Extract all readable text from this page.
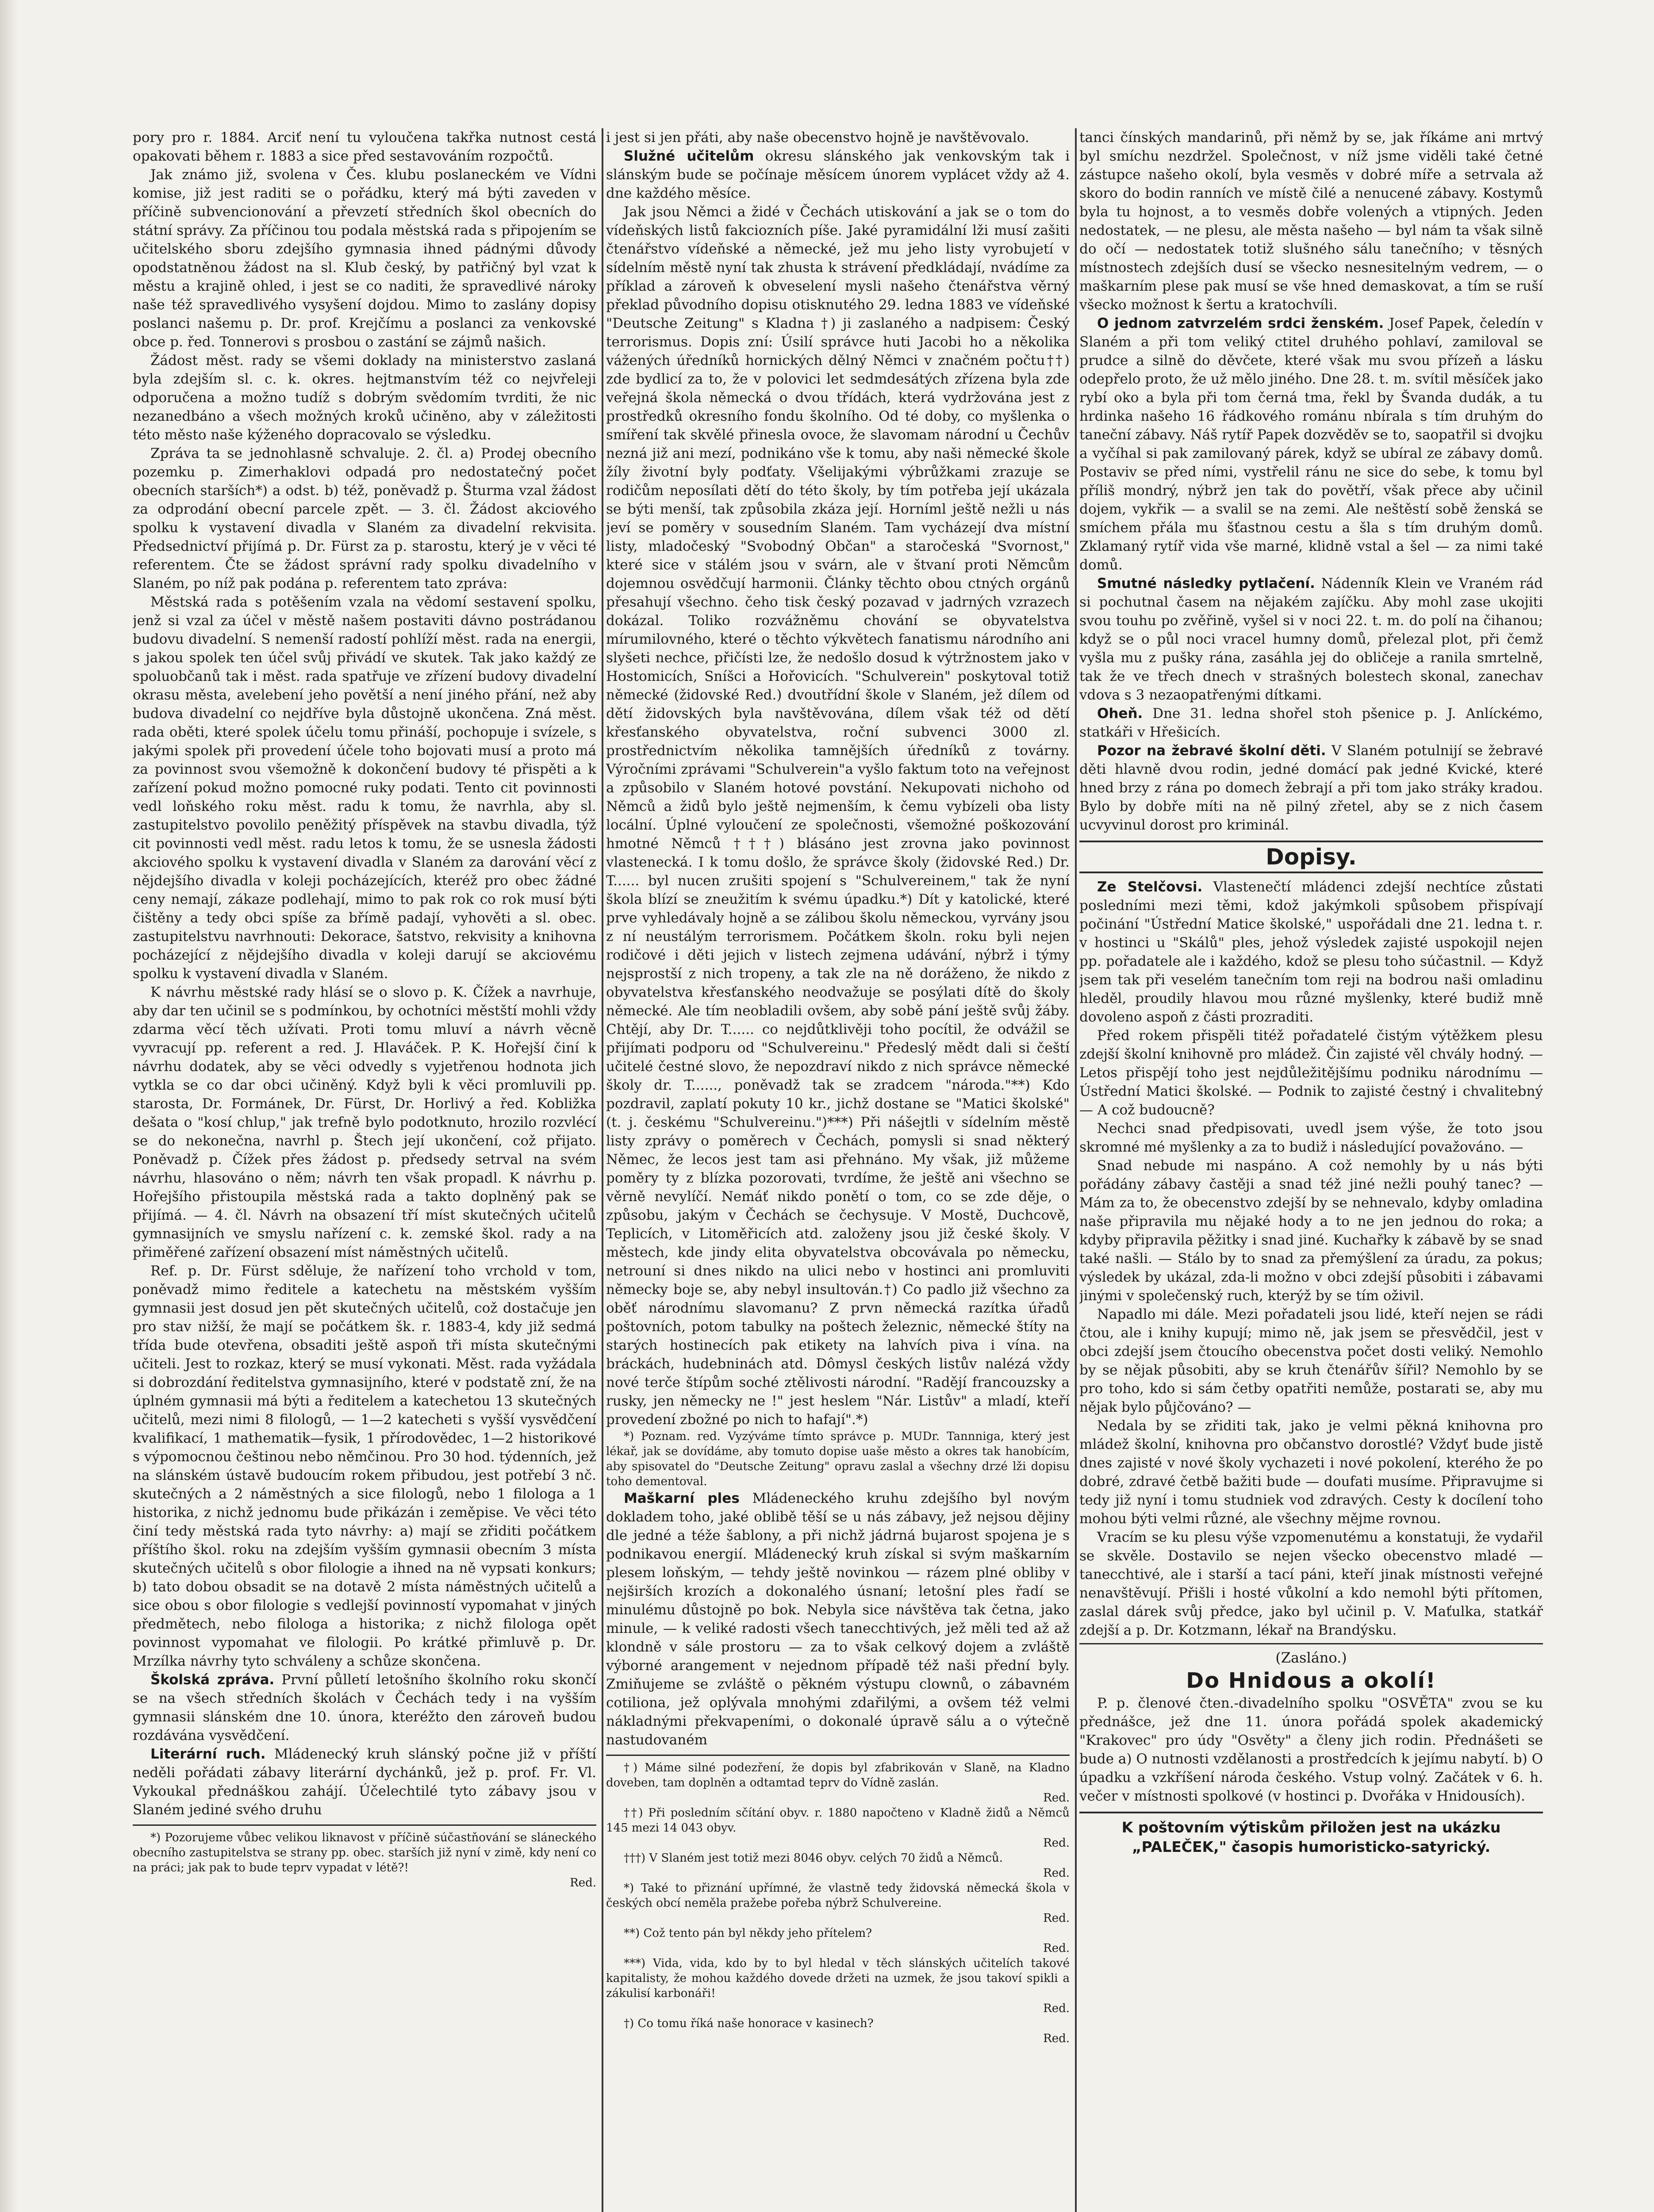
pory pro r. 1884. Arciť není tu vyloučena takřka nutnost cestá opakovati během r. 1883 a sice před sestavováním rozpočtů.

Jak známo již, svolena v Čes. klubu poslaneckém ve Vídni komise, již jest raditi se o pořádku, který má býti zaveden v příčině subvencionování a převzetí středních škol obecních do státní správy. Za příčinou tou podala městská rada s připojením se učitelského sboru zdejšího gymnasia ihned pádnými důvody opodstatněnou žádost na sl. Klub český, by patřičný byl vzat k městu a krajině ohled, i jest se co naditi, že spravedlivé nároky naše též spravedlivého vysyšení dojdou. Mimo to zaslány dopisy poslanci našemu p. Dr. prof. Krejčímu a poslanci za venkovské obce p. řed. Tonnerovi s prosbou o zastání se zájmů našich.

Žádost měst. rady se všemi doklady na ministerstvo zaslaná byla zdejším sl. c. k. okres. hejtmanstvím též co nejvřeleji odporučena a možno tudíž s dobrým svědomím tvrditi, že nic nezanedbáno a všech možných kroků učiněno, aby v záležitosti této město naše kýženého dopracovalo se výsledku.

Zpráva ta se jednohlasně schvaluje. 2. čl. a) Prodej obecního pozemku p. Zimerhaklovi odpadá pro nedostatečný počet obecních starších*) a odst. b) též, poněvadž p. Šturma vzal žádost za odprodání obecní parcele zpět. — 3. čl. Žádost akciového spolku k vystavení divadla v Slaném za divadelní rekvisita. Předsednictví přijímá p. Dr. Fürst za p. starostu, který je v věci té referentem. Čte se žádost správní rady spolku divadelního v Slaném, po níž pak podána p. referentem tato zpráva:

Městská rada s potěšením vzala na vědomí sestavení spolku, jenž si vzal za účel v městě našem postaviti dávno postrádanou budovu divadelní. S nemenší radostí pohlíží měst. rada na energii, s jakou spolek ten účel svůj přivádí ve skutek. Tak jako každý ze spoluobčanů tak i měst. rada spatřuje ve zřízení budovy divadelní okrasu města, avelebení jeho povětší a není jiného přání, než aby budova divadelní co nejdříve byla důstojně ukončena. Zná měst. rada oběti, které spolek účelu tomu přináší, pochopuje i svízele, s jakými spolek při provedení účele toho bojovati musí a proto má za povinnost svou všemožně k dokončení budovy té přispěti a k zařízení pokud možno pomocné ruky podati. Tento cit povinnosti vedl loňského roku měst. radu k tomu, že navrhla, aby sl. zastupitelstvo povolilo peněžitý příspěvek na stavbu divadla, týž cit povinnosti vedl měst. radu letos k tomu, že se usnesla žádosti akciového spolku k vystavení divadla v Slaném za darování věcí z nějdejšího divadla v koleji pocházejících, kteréž pro obec žádné ceny nemají, zákaze podlehají, mimo to pak rok co rok musí býti čištěny a tedy obci spíše za břímě padají, vyhověti a sl. obec. zastupitelstvu navrhnouti: Dekorace, šatstvo, rekvisity a knihovna pocházející z nějdejšího divadla v koleji darují se akciovému spolku k vystavení divadla v Slaném.

K návrhu městské rady hlásí se o slovo p. K. Čížek a navrhuje, aby dar ten učinil se s podmínkou, by ochotníci městští mohli vždy zdarma věcí těch užívati. Proti tomu mluví a návrh věcně vyvracují pp. referent a red. J. Hlaváček. P. K. Hořejší činí k návrhu dodatek, aby se věci odvedly s vyjetřenou hodnota jich vytkla se co dar obci učiněný. Když byli k věci promluvili pp. starosta, Dr. Formánek, Dr. Fürst, Dr. Horlivý a řed. Kobližka dešata o "kosí chlup," jak trefně bylo podotknuto, hrozilo rozvlécí se do nekonečna, navrhl p. Štech její ukončení, což přijato. Poněvadž p. Čížek přes žádost p. předsedy setrval na svém návrhu, hlasováno o něm; návrh ten však propadl. K návrhu p. Hořejšího přistoupila městská rada a takto doplněný pak se přijímá. — 4. čl. Návrh na obsazení tří míst skutečných učitelů gymnasijních ve smyslu nařízení c. k. zemské škol. rady a na přiměřené zařízení obsazení míst náměstných učitelů.

Ref. p. Dr. Fürst sděluje, že nařízení toho vrchold v tom, poněvadž mimo ředitele a katechetu na městském vyšším gymnasii jest dosud jen pět skutečných učitelů, což dostačuje jen pro stav nižší, že mají se počátkem šk. r. 1883-4, kdy již sedmá třída bude otevřena, obsaditi ještě aspoň tři místa skutečnými učiteli. Jest to rozkaz, který se musí vykonati. Měst. rada vyžádala si dobrozdání ředitelstva gymnasijního, které v podstatě zní, že na úplném gymnasii má býti a ředitelem a katechetou 13 skutečných učitelů, mezi nimi 8 filologů, — 1—2 katecheti s vyšší vysvědčení kvalifikací, 1 mathematik—fysik, 1 přírodovědec, 1—2 historikové s výpomocnou češtinou nebo němčinou. Pro 30 hod. týdenních, jež na slánském ústavě budoucím rokem přibudou, jest potřebí 3 nč. skutečných a 2 náměstných a sice filologů, nebo 1 filologa a 1 historika, z nichž jednomu bude přikázán i zeměpise. Ve věci této činí tedy městská rada tyto návrhy: a) mají se zřiditi počátkem příštího škol. roku na zdejším vyšším gymnasii obecním 3 místa skutečných učitelů s obor filologie a ihned na ně vypsati konkurs; b) tato dobou obsadit se na dotavě 2 místa náměstných učitelů a sice obou s obor filologie s vedlejší povinností vypomahat v jiných předmětech, nebo filologa a historika; z nichž filologa opět povinnost vypomahat ve filologii. Po krátké přimluvě p. Dr. Mrzílka návrhy tyto schváleny a schůze skončena.

Školská zpráva. První půlletí letošního školního roku skončí se na všech středních školách v Čechách tedy i na vyšším gymnasii slánském dne 10. února, kteréžto den zároveň budou rozdávána vysvědčení.

Literární ruch. Mládenecký kruh slánský počne již v příští neděli pořádati zábavy literární dychánků, jež p. prof. Fr. Vl. Vykoukal přednáškou zahájí. Účelechtilé tyto zábavy jsou v Slaném jediné svého druhu

*) Pozorujeme vůbec velikou liknavost v příčině súčastňování se sláneckého obecního zastupitelstva se strany pp. obec. starších již nyní v zimě, kdy není co na práci; jak pak to bude teprv vypadat v létě?!
Red.

i jest si jen přáti, aby naše obecenstvo hojně je navštěvovalo.

Služné učitelům okresu slánského jak venkovským tak i slánským bude se počínaje měsícem únorem vyplácet vždy až 4. dne každého měsíce.

Jak jsou Němci a židé v Čechách utiskování a jak se o tom do vídeňských listů fakciozních píše. Jaké pyramidální lži musí zašiti čtenářstvo vídeňské a německé, jež mu jeho listy vyrobujetí v sídelním městě nyní tak zhusta k strávení předkládají, nvádíme za příklad a zároveň k obveselení mysli našeho čtenářstva věrný překlad původního dopisu otisknutého 29. ledna 1883 ve vídeňské "Deutsche Zeitung" s Kladna †) ji zaslaného a nadpisem: Český terrorismus. Dopis zní: Úsilí správce huti Jacobi ho a několika vážených úředníků hornických dělný Němci v značném počtu††) zde bydlicí za to, že v polovici let sedmdesátých zřízena byla zde veřejná škola německá o dvou třídách, která vydržována jest z prostředků okresního fondu školního. Od té doby, co myšlenka o smíření tak skvělé přinesla ovoce, že slavomam národní u Čechův nezná již ani mezí, podnikáno vše k tomu, aby naši německé škole žíly životní byly podťaty. Všelijakými výbrůžkami zrazuje se rodičům neposílati dětí do této školy, by tím potřeba její ukázala se býti menší, tak způsobila zkáza její. Horníml ještě nežli u nás jeví se poměry v sousedním Slaném. Tam vycházejí dva místní listy, mladočeský "Svobodný Občan" a staročeská "Svornost," které sice v stálém jsou v svárn, ale v štvaní proti Němcům dojemnou osvědčují harmonii. Články těchto obou ctných orgánů přesahují všechno. čeho tisk český pozavad v jadrných vzrazech dokázal. Toliko rozvážněmu chování se obyvatelstva mírumilovného, které o těchto výkvětech fanatismu národního ani slyšeti nechce, přičísti lze, že nedošlo dosud k výtržnostem jako v Hostomicích, Sníšci a Hořovicích. "Schulverein" poskytoval totiž německé (židovské Red.) dvoutřídní škole v Slaném, jež dílem od dětí židovských byla navštěvována, dílem však též od dětí křesťanského obyvatelstva, roční subvenci 3000 zl. prostřednictvím několika tamnějších úředníků z továrny. Výročními zprávami "Schulverein"a vyšlo faktum toto na veřejnost a způsobilo v Slaném hotové povstání. Nekupovati nichoho od Němců a židů bylo ještě nejmenším, k čemu vybízeli oba listy locální. Úplné vyloučení ze společnosti, všemožné poškozování hmotné Němců †††) blásáno jest zrovna jako povinnost vlastenecká. I k tomu došlo, že správce školy (židovské Red.) Dr. T...... byl nucen zrušiti spojení s "Schulvereinem," tak že nyní škola blízí se zneužitím k svému úpadku.*) Dít y katolické, které prve vyhledávaly hojně a se zálibou školu německou, vyrvány jsou z ní neustálým terrorismem. Počátkem školn. roku byli nejen rodičové i děti jejich v listech zejmena udávání, nýbrž i týmy nejsprostší z nich tropeny, a tak zle na ně doráženo, že nikdo z obyvatelstva křesťanského neodvažuje se posýlati dítě do školy německé. Ale tím neobladili ovšem, aby sobě pání ještě svůj žáby. Chtějí, aby Dr. T...... co nejdůtklivěji toho pocítil, že odvážil se přijímati podporu od "Schulvereinu." Předeslý mědt dali si čeští učitelé čestné slovo, že nepozdraví nikdo z nich správce německé školy dr. T......, poněvadž tak se zradcem "národa."**) Kdo pozdravil, zaplatí pokuty 10 kr., jichž dostane se "Matici školské" (t. j. českému "Schulvereinu.")***) Při nášejtli v sídelním městě listy zprávy o poměrech v Čechách, pomysli si snad některý Němec, že lecos jest tam asi přehnáno. My však, již můžeme poměry ty z blízka pozorovati, tvrdíme, že ještě ani všechno se věrně nevylíčí. Nemáť nikdo ponětí o tom, co se zde děje, o způsobu, jakým v Čechách se čechysuje. V Mostě, Duchcově, Teplicích, v Litoměřicích atd. založeny jsou již české školy. V městech, kde jindy elita obyvatelstva obcovávala po německu, netrouní si dnes nikdo na ulici nebo v hostinci ani promluviti německy boje se, aby nebyl insultován.†) Co padlo již všechno za oběť národnímu slavomanu? Z prvn německá razítka úřadů poštovních, potom tabulky na poštech železnic, německé štíty na starých hostinecích pak etikety na lahvích piva i vína. na bráckách, hudebninách atd. Dômysl českých listův nalézá vždy nové terče štípům soché ztělivosti národní. "Radějí francouzsky a rusky, jen německy ne !" jest heslem "Nár. Listův" a mladí, kteří provedení zbožné po nich to hafají".*)

*) Poznam. red. Vyzýváme tímto správce p. MUDr. Tannniga, který jest lékař, jak se dovídáme, aby tomuto dopise uaše město a okres tak hanobícím, aby spisovatel do "Deutsche Zeitung" opravu zaslal a všechny drzé lži dopisu toho dementoval.

Maškarní ples Mládeneckého kruhu zdejšího byl novým dokladem toho, jaké oblibě těší se u nás zábavy, jež nejsou dějiny dle jedné a téže šablony, a při nichž jádrná bujarost spojena je s podnikavou energií. Mládenecký kruh získal si svým maškarním plesem loňským, — tehdy ještě novinkou — rázem plné obliby v nejširších krozích a dokonalého úsnaní; letošní ples řadí se minulému důstojně po bok. Nebyla sice návštěva tak četna, jako minule, — k veliké radosti všech tanecchtivých, jež měli ted až až klondně v sále prostoru — za to však celkový dojem a zvláště výborné arangement v nejednom případě též naši přední byly. Zmiňujeme se zvláště o pěkném výstupu clownů, o zábavném cotiliona, jež oplývala mnohými zdařilými, a ovšem též velmi nákladnými překvapeními, o dokonalé úpravě sálu a o výtečně nastudovaném

†) Máme silné podezření, že dopis byl zfabrikován v Slaně, na Kladno doveben, tam doplněn a odtamtad teprv do Vídně zaslán.
Red.

††) Při posledním sčítání obyv. r. 1880 napočteno v Kladně židů a Němců 145 mezi 14 043 obyv.
Red.

†††) V Slaném jest totiž mezi 8046 obyv. celých 70 židů a Němců.
Red.

*) Také to přiznání upřímné, že vlastně tedy židovská německá škola v českých obcí neměla pražebe pořeba nýbrž Schulvereine.
Red.

**) Což tento pán byl někdy jeho přítelem?
Red.

***) Vida, vida, kdo by to byl hledal v těch slánských učitelích takové kapitalisty, že mohou každého dovede držeti na uzmek, že jsou takoví spikli a zákulisí karbonáři!
Red.

†) Co tomu říká naše honorace v kasinech?
Red.

tanci čínských mandarinů, při němž by se, jak říkáme ani mrtvý byl smíchu nezdržel. Společnost, v níž jsme viděli také četné zástupce našeho okolí, byla vesměs v dobré míře a setrvala až skoro do bodin ranních ve místě čilé a nenucené zábavy. Kostymů byla tu hojnost, a to vesměs dobře volených a vtipných. Jeden nedostatek, — ne plesu, ale města našeho — byl nám ta však silně do očí — nedostatek totiž slušného sálu tanečního; v těsných místnostech zdejších dusí se všecko nesnesitelným vedrem, — o maškarním plese pak musí se vše hned demaskovat, a tím se ruší všecko možnost k šertu a kratochvíli.

O jednom zatvrzelém srdci ženském. Josef Papek, čeledín v Slaném a při tom veliký ctitel druhého pohlaví, zamiloval se prudce a silně do děvčete, které však mu svou přízeň a lásku odepřelo proto, že už mělo jiného. Dne 28. t. m. svítil měsíček jako rybí oko a byla při tom černá tma, řekl by Švanda dudák, a tu hrdinka našeho 16 řádkového románu nbírala s tím druhým do taneční zábavy. Náš rytíř Papek dozvěděv se to, saopatřil si dvojku a vyčíhal si pak zamilovaný párek, když se ubíral ze zábavy domů. Postaviv se před ními, vystřelil ránu ne sice do sebe, k tomu byl příliš mondrý, nýbrž jen tak do povětří, však přece aby učinil dojem, vykřik — a svalil se na zemi. Ale neštěstí sobě ženská se smíchem přála mu šťastnou cestu a šla s tím druhým domů. Zklamaný rytíř vida vše marné, klidně vstal a šel — za nimi také domů.

Smutné následky pytlačení. Nádenník Klein ve Vraném rád si pochutnal časem na nějakém zajíčku. Aby mohl zase ukojiti svou touhu po zvěřině, vyšel si v noci 22. t. m. do polí na čihanou; když se o půl noci vracel humny domů, přelezal plot, při čemž vyšla mu z pušky rána, zasáhla jej do obličeje a ranila smrtelně, tak že ve třech dnech v strašných bolestech skonal, zanechav vdova s 3 nezaopatřenými dítkami.

Oheň. Dne 31. ledna shořel stoh pšenice p. J. Anlíckémo, statkáři v Hřešicích.

Pozor na žebravé školní děti. V Slaném potulnijí se žebravé děti hlavně dvou rodin, jedné domácí pak jedné Kvické, které hned brzy z rána po domech žebrají a při tom jako stráky kradou. Bylo by dobře míti na ně pilný zřetel, aby se z nich časem ucvyvinul dorost pro kriminál.

Dopisy.

Ze Stelčovsi. Vlastenečtí mládenci zdejší nechtíce zůstati posledními mezi těmi, kdož jakýmkoli spůsobem přispívají počinání "Ústřední Matice školské," uspořádali dne 21. ledna t. r. v hostinci u "Skálů" ples, jehož výsledek zajisté uspokojil nejen pp. pořadatele ale i každého, kdož se plesu toho súčastnil. — Když jsem tak při veselém tanečním tom reji na bodrou naši omladinu hleděl, proudily hlavou mou různé myšlenky, které budiž mně dovoleno aspoň z části prozraditi.

Před rokem přispěli titéž pořadatelé čistým výtěžkem plesu zdejší školní knihovně pro mládež. Čin zajisté věl chvály hodný. — Letos přispějí toho jest nejdůležitějšímu podniku národnímu — Ústřední Matici školské. — Podnik to zajisté čestný i chvalitebný — A což budoucně?

Nechci snad předpisovati, uvedl jsem výše, že toto jsou skromné mé myšlenky a za to budiž i následující považováno. —

Snad nebude mi naspáno. A což nemohly by u nás býti pořádány zábavy častěji a snad též jiné nežli pouhý tanec? — Mám za to, že obecenstvo zdejší by se nehnevalo, kdyby omladina naše připravila mu nějaké hody a to ne jen jednou do roka; a kdyby připravila pěžitky i snad jiné. Kuchařky k zábavě by se snad také našli. — Stálo by to snad za přemýšlení za úradu, za pokus; výsledek by ukázal, zda-li možno v obci zdejší působiti i zábavami jinými v společenský ruch, kterýž by se tím oživil.

Napadlo mi dále. Mezi pořadateli jsou lidé, kteří nejen se rádi čtou, ale i knihy kupují; mimo ně, jak jsem se přesvědčil, jest v obci zdejší jsem čtoucího obecenstva počet dosti veliký. Nemohlo by se nějak působiti, aby se kruh čtenářův šířil? Nemohlo by se pro toho, kdo si sám četby opatřiti nemůže, postarati se, aby mu nějak bylo půjčováno? —

Nedala by se zřiditi tak, jako je velmi pěkná knihovna pro mládež školní, knihovna pro občanstvo dorostlé? Vždyť bude jistě dnes zajisté v nové školy vychazeti i nové pokolení, kterého že po dobré, zdravé četbě bažiti bude — doufati musíme. Připravujme si tedy již nyní i tomu studniek vod zdravých. Cesty k docílení toho mohou býti velmi různé, ale všechny mějme rovnou.

Vracím se ku plesu výše vzpomenutému a konstatuji, že vydařil se skvěle. Dostavilo se nejen všecko obecenstvo mladé — tanecchtivé, ale i starší a tací páni, kteří jinak místnosti veřejné nenavštěvují. Přišli i hosté vůkolní a kdo nemohl býti přítomen, zaslal dárek svůj předce, jako byl učinil p. V. Maťulka, statkář zdejší a p. Dr. Kotzmann, lékař na Brandýsku.

(Zasláno.)
Do Hnidous a okolí!

P. p. členové čten.-divadelního spolku "OSVĚTA" zvou se ku přednášce, jež dne 11. února pořádá spolek akademický "Krakovec" pro údy "Osvěty" a členy jich rodin. Přednášeti se bude a) O nutnosti vzdělanosti a prostředcích k jejímu nabytí. b) O úpadku a vzkříšení národa českého. Vstup volný. Začátek v 6. h. večer v místnosti spolkové (v hostinci p. Dvořáka v Hnidousích).

K poštovním výtiskům přiložen jest na ukázku „PALEČEK," časopis humoristicko-satyrický.
